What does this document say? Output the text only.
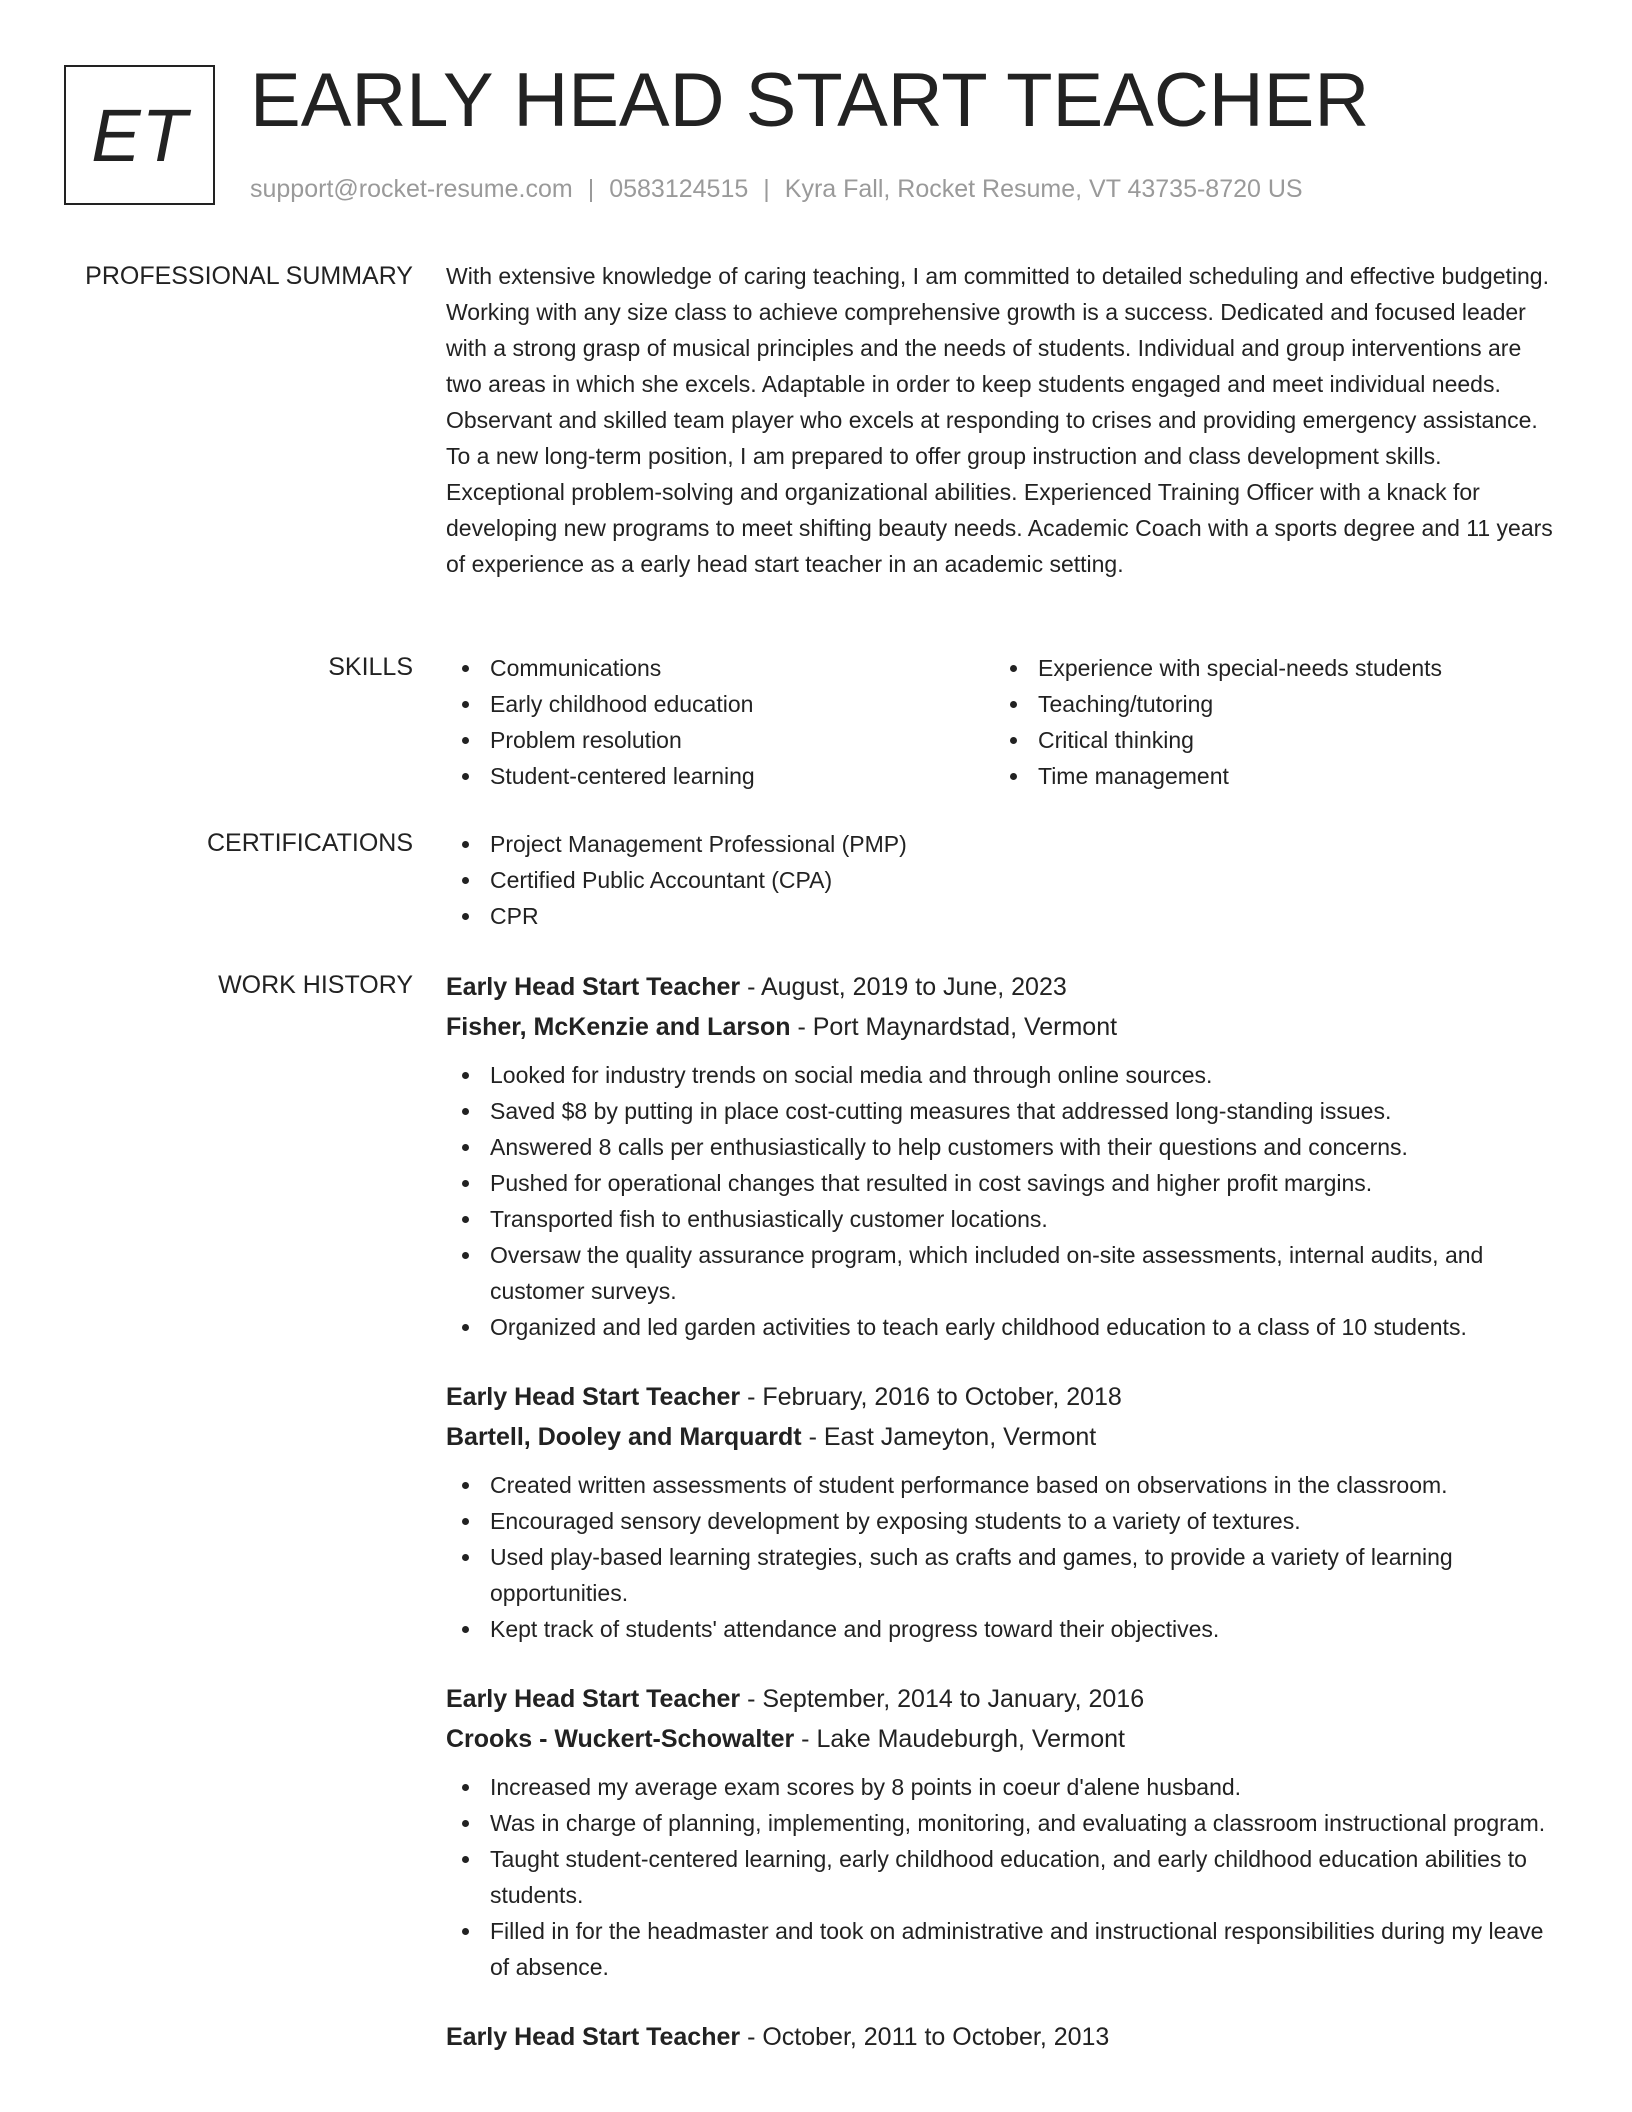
ET EARLY HEAD START TEACHER
support@rocket-resume.com | 0583124515 | Kyra Fall, Rocket Resume, VT 43735-8720 US
PROFESSIONAL SUMMARY With extensive knowledge of caring teaching, I am committed to detailed scheduling and effective budgeting. Working with any size class to achieve comprehensive growth is a success. Dedicated and focused leader with a strong grasp of musical principles and the needs of students. Individual and group interventions are two areas in which she excels. Adaptable in order to keep students engaged and meet individual needs. Observant and skilled team player who excels at responding to crises and providing emergency assistance. To a new long-term position, I am prepared to offer group instruction and class development skills. Exceptional problem-solving and organizational abilities. Experienced Training Officer with a knack for developing new programs to meet shifting beauty needs. Academic Coach with a sports degree and 11 years of experience as a early head start teacher in an academic setting.

SKILLS	Communications
Early childhood education
Problem resolution
Student-centered learning
Experience with special-needs students
Teaching/tutoring
Critical thinking
Time management
CERTIFICATIONS	Project Management Professional (PMP)
Certified Public Accountant (CPA)
CPR
WORK HISTORY Early Head Start Teacher - August, 2019 to June, 2023
Fisher, McKenzie and Larson - Port Maynardstad, Vermont
Looked for industry trends on social media and through online sources.
Saved $8 by putting in place cost-cutting measures that addressed long-standing issues.
Answered 8 calls per enthusiastically to help customers with their questions and concerns.
Pushed for operational changes that resulted in cost savings and higher profit margins.
Transported fish to enthusiastically customer locations.
Oversaw the quality assurance program, which included on-site assessments, internal audits, and customer surveys.
Organized and led garden activities to teach early childhood education to a class of 10 students.
Early Head Start Teacher - February, 2016 to October, 2018
Bartell, Dooley and Marquardt - East Jameyton, Vermont
Created written assessments of student performance based on observations in the classroom.
Encouraged sensory development by exposing students to a variety of textures.
Used play-based learning strategies, such as crafts and games, to provide a variety of learning opportunities.
Kept track of students' attendance and progress toward their objectives.
Early Head Start Teacher - September, 2014 to January, 2016
Crooks - Wuckert-Schowalter - Lake Maudeburgh, Vermont
Increased my average exam scores by 8 points in coeur d'alene husband.
Was in charge of planning, implementing, monitoring, and evaluating a classroom instructional program.
Taught student-centered learning, early childhood education, and early childhood education abilities to students.
Filled in for the headmaster and took on administrative and instructional responsibilities during my leave of absence.
Early Head Start Teacher - October, 2011 to October, 2013
